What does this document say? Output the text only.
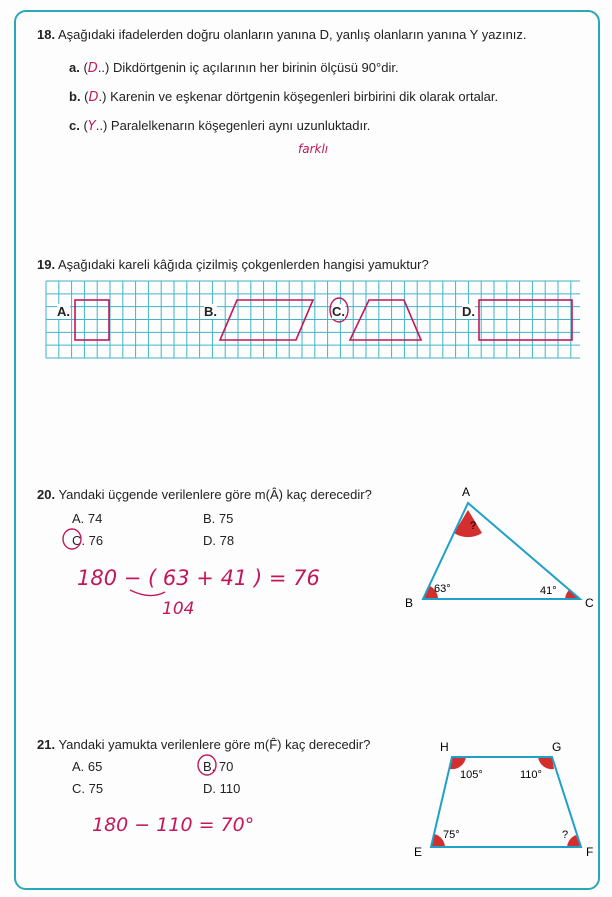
18. Aşağıdaki ifadelerden doğru olanların yanına D, yanlış olanların yanına Y yazınız.
a. (D..) Dikdörtgenin iç açılarının her birinin ölçüsü 90°dir.
b. (D.) Karenin ve eşkenar dörtgenin köşegenleri birbirini dik olarak ortalar.
c. (Y..) Paralelkenarın köşegenleri aynı uzunluktadır.
farklı
19. Aşağıdaki kareli kâğıda çizilmiş çokgenlerden hangisi yamuktur?
A.	B.	C.	D.
20. Yandaki üçgende verilenlere göre m(Â) kaç derecedir?
A. 74	B. 75
C. 76	D. 78
180 − ( 63 + 41 ) = 76
104
A
B	C
?
63°	41°
21. Yandaki yamukta verilenlere göre m(F̂) kaç derecedir?
A. 65	B. 70
C. 75	D. 110
180 − 110 = 70°
H	G
E	F
105°	110°
75°	?
